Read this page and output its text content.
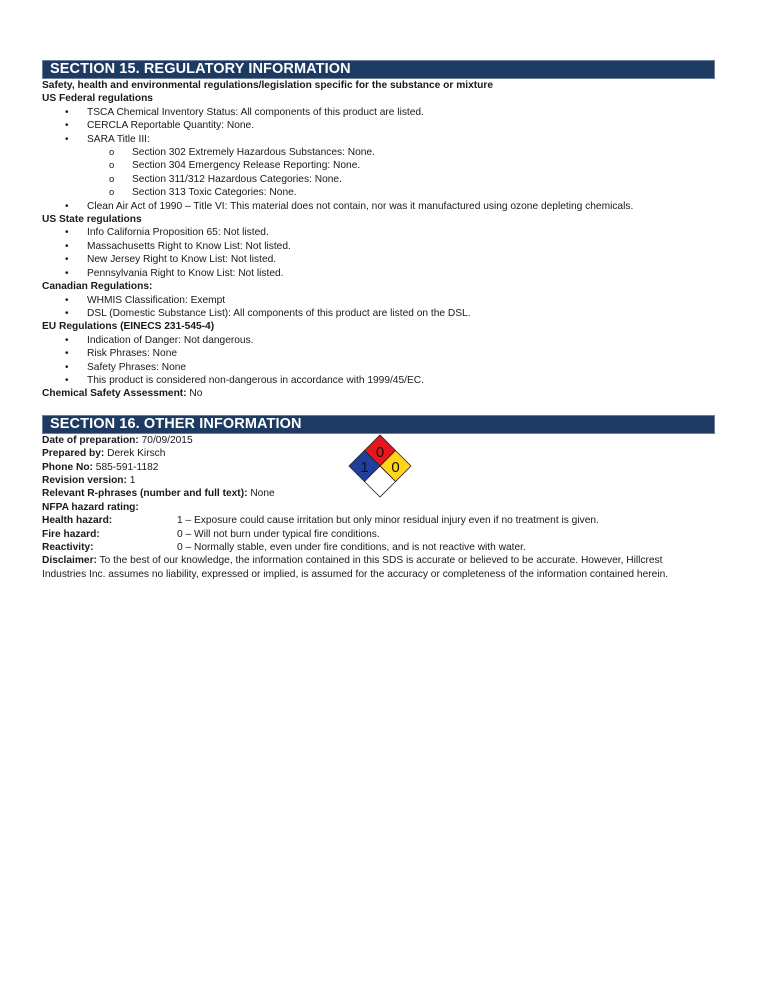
SECTION 15. REGULATORY INFORMATION
Safety, health and environmental regulations/legislation specific for the substance or mixture
US Federal regulations
• TSCA Chemical Inventory Status: All components of this product are listed.
• CERCLA Reportable Quantity: None.
• SARA Title III:
o Section 302 Extremely Hazardous Substances: None.
o Section 304 Emergency Release Reporting: None.
o Section 311/312 Hazardous Categories: None.
o Section 313 Toxic Categories: None.
• Clean Air Act of 1990 – Title VI: This material does not contain, nor was it manufactured using ozone depleting chemicals.
US State regulations
• Info California Proposition 65: Not listed.
• Massachusetts Right to Know List: Not listed.
• New Jersey Right to Know List: Not listed.
• Pennsylvania Right to Know List: Not listed.
Canadian Regulations:
• WHMIS Classification: Exempt
• DSL (Domestic Substance List): All components of this product are listed on the DSL.
EU Regulations (EINECS 231-545-4)
• Indication of Danger: Not dangerous.
• Risk Phrases: None
• Safety Phrases: None
• This product is considered non-dangerous in accordance with 1999/45/EC.
Chemical Safety Assessment: No
SECTION 16. OTHER INFORMATION
Date of preparation: 70/09/2015
Prepared by: Derek Kirsch
Phone No: 585-591-1182
Revision version: 1
Relevant R-phrases (number and full text): None
NFPA hazard rating:
Health hazard:	1 – Exposure could cause irritation but only minor residual injury even if no treatment is given.
Fire hazard:	0 – Will not burn under typical fire conditions.
Reactivity:	0 – Normally stable, even under fire conditions, and is not reactive with water.
Disclaimer: To the best of our knowledge, the information contained in this SDS is accurate or believed to be accurate. However, Hillcrest Industries Inc. assumes no liability, expressed or implied, is assumed for the accuracy or completeness of the information contained herein.
0
1 0
